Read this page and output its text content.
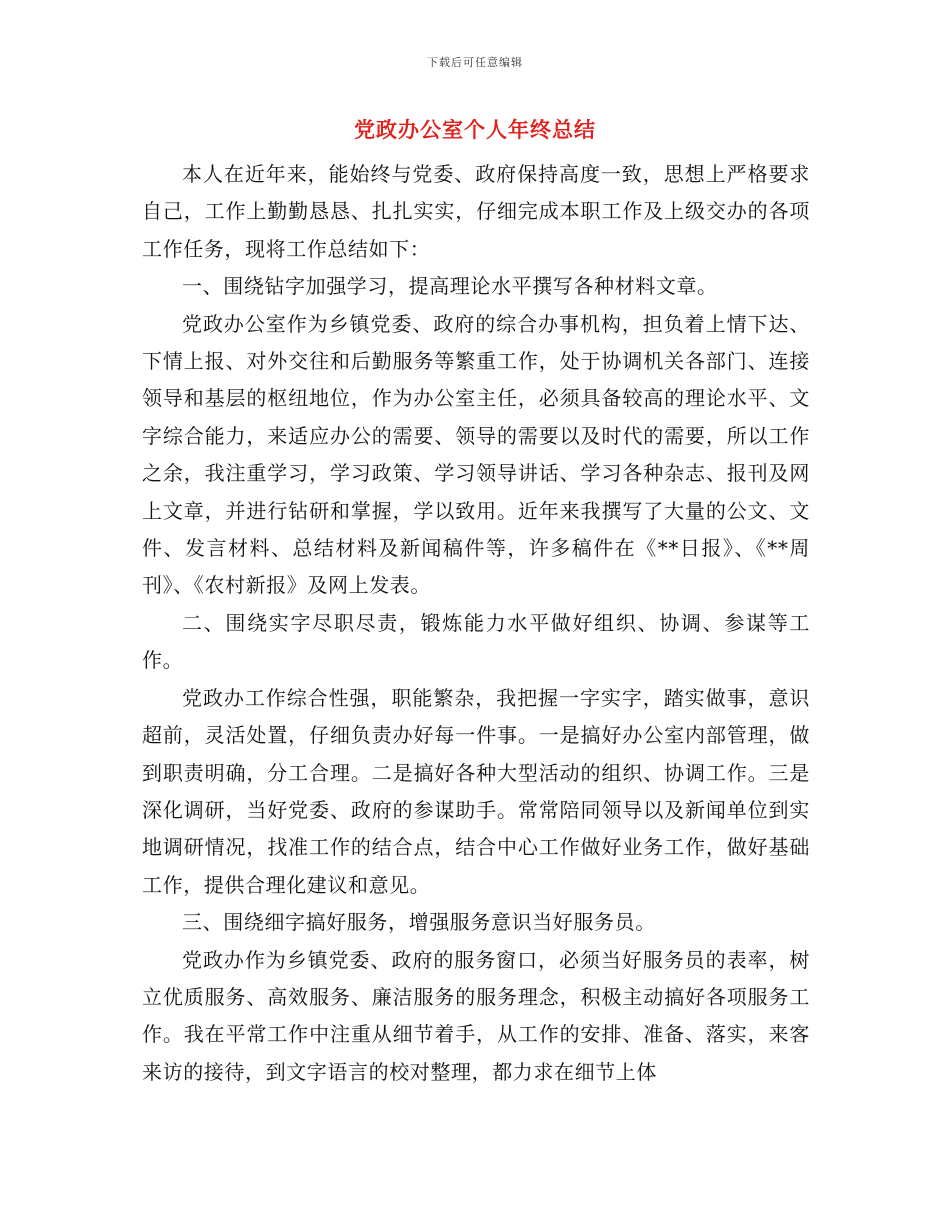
下载后可任意编辑
党政办公室个人年终总结

本人在近年来，能始终与党委、政府保持高度一致，思想上严格要求自己，工作上勤勤恳恳、扎扎实实，仔细完成本职工作及上级交办的各项工作任务，现将工作总结如下：

一、围绕钻字加强学习，提高理论水平撰写各种材料文章。

党政办公室作为乡镇党委、政府的综合办事机构，担负着上情下达、下情上报、对外交往和后勤服务等繁重工作，处于协调机关各部门、连接领导和基层的枢纽地位，作为办公室主任，必须具备较高的理论水平、文字综合能力，来适应办公的需要、领导的需要以及时代的需要，所以工作之余，我注重学习，学习政策、学习领导讲话、学习各种杂志、报刊及网上文章，并进行钻研和掌握，学以致用。近年来我撰写了大量的公文、文件、发言材料、总结材料及新闻稿件等，许多稿件在《**日报》、《**周刊》、《农村新报》及网上发表。

二、围绕实字尽职尽责，锻炼能力水平做好组织、协调、参谋等工作。

党政办工作综合性强，职能繁杂，我把握一字实字，踏实做事，意识超前，灵活处置，仔细负责办好每一件事。一是搞好办公室内部管理，做到职责明确，分工合理。二是搞好各种大型活动的组织、协调工作。三是深化调研，当好党委、政府的参谋助手。常常陪同领导以及新闻单位到实地调研情况，找准工作的结合点，结合中心工作做好业务工作，做好基础工作，提供合理化建议和意见。

三、围绕细字搞好服务，增强服务意识当好服务员。

党政办作为乡镇党委、政府的服务窗口，必须当好服务员的表率，树立优质服务、高效服务、廉洁服务的服务理念，积极主动搞好各项服务工作。我在平常工作中注重从细节着手，从工作的安排、准备、落实，来客来访的接待，到文字语言的校对整理，都力求在细节上体
